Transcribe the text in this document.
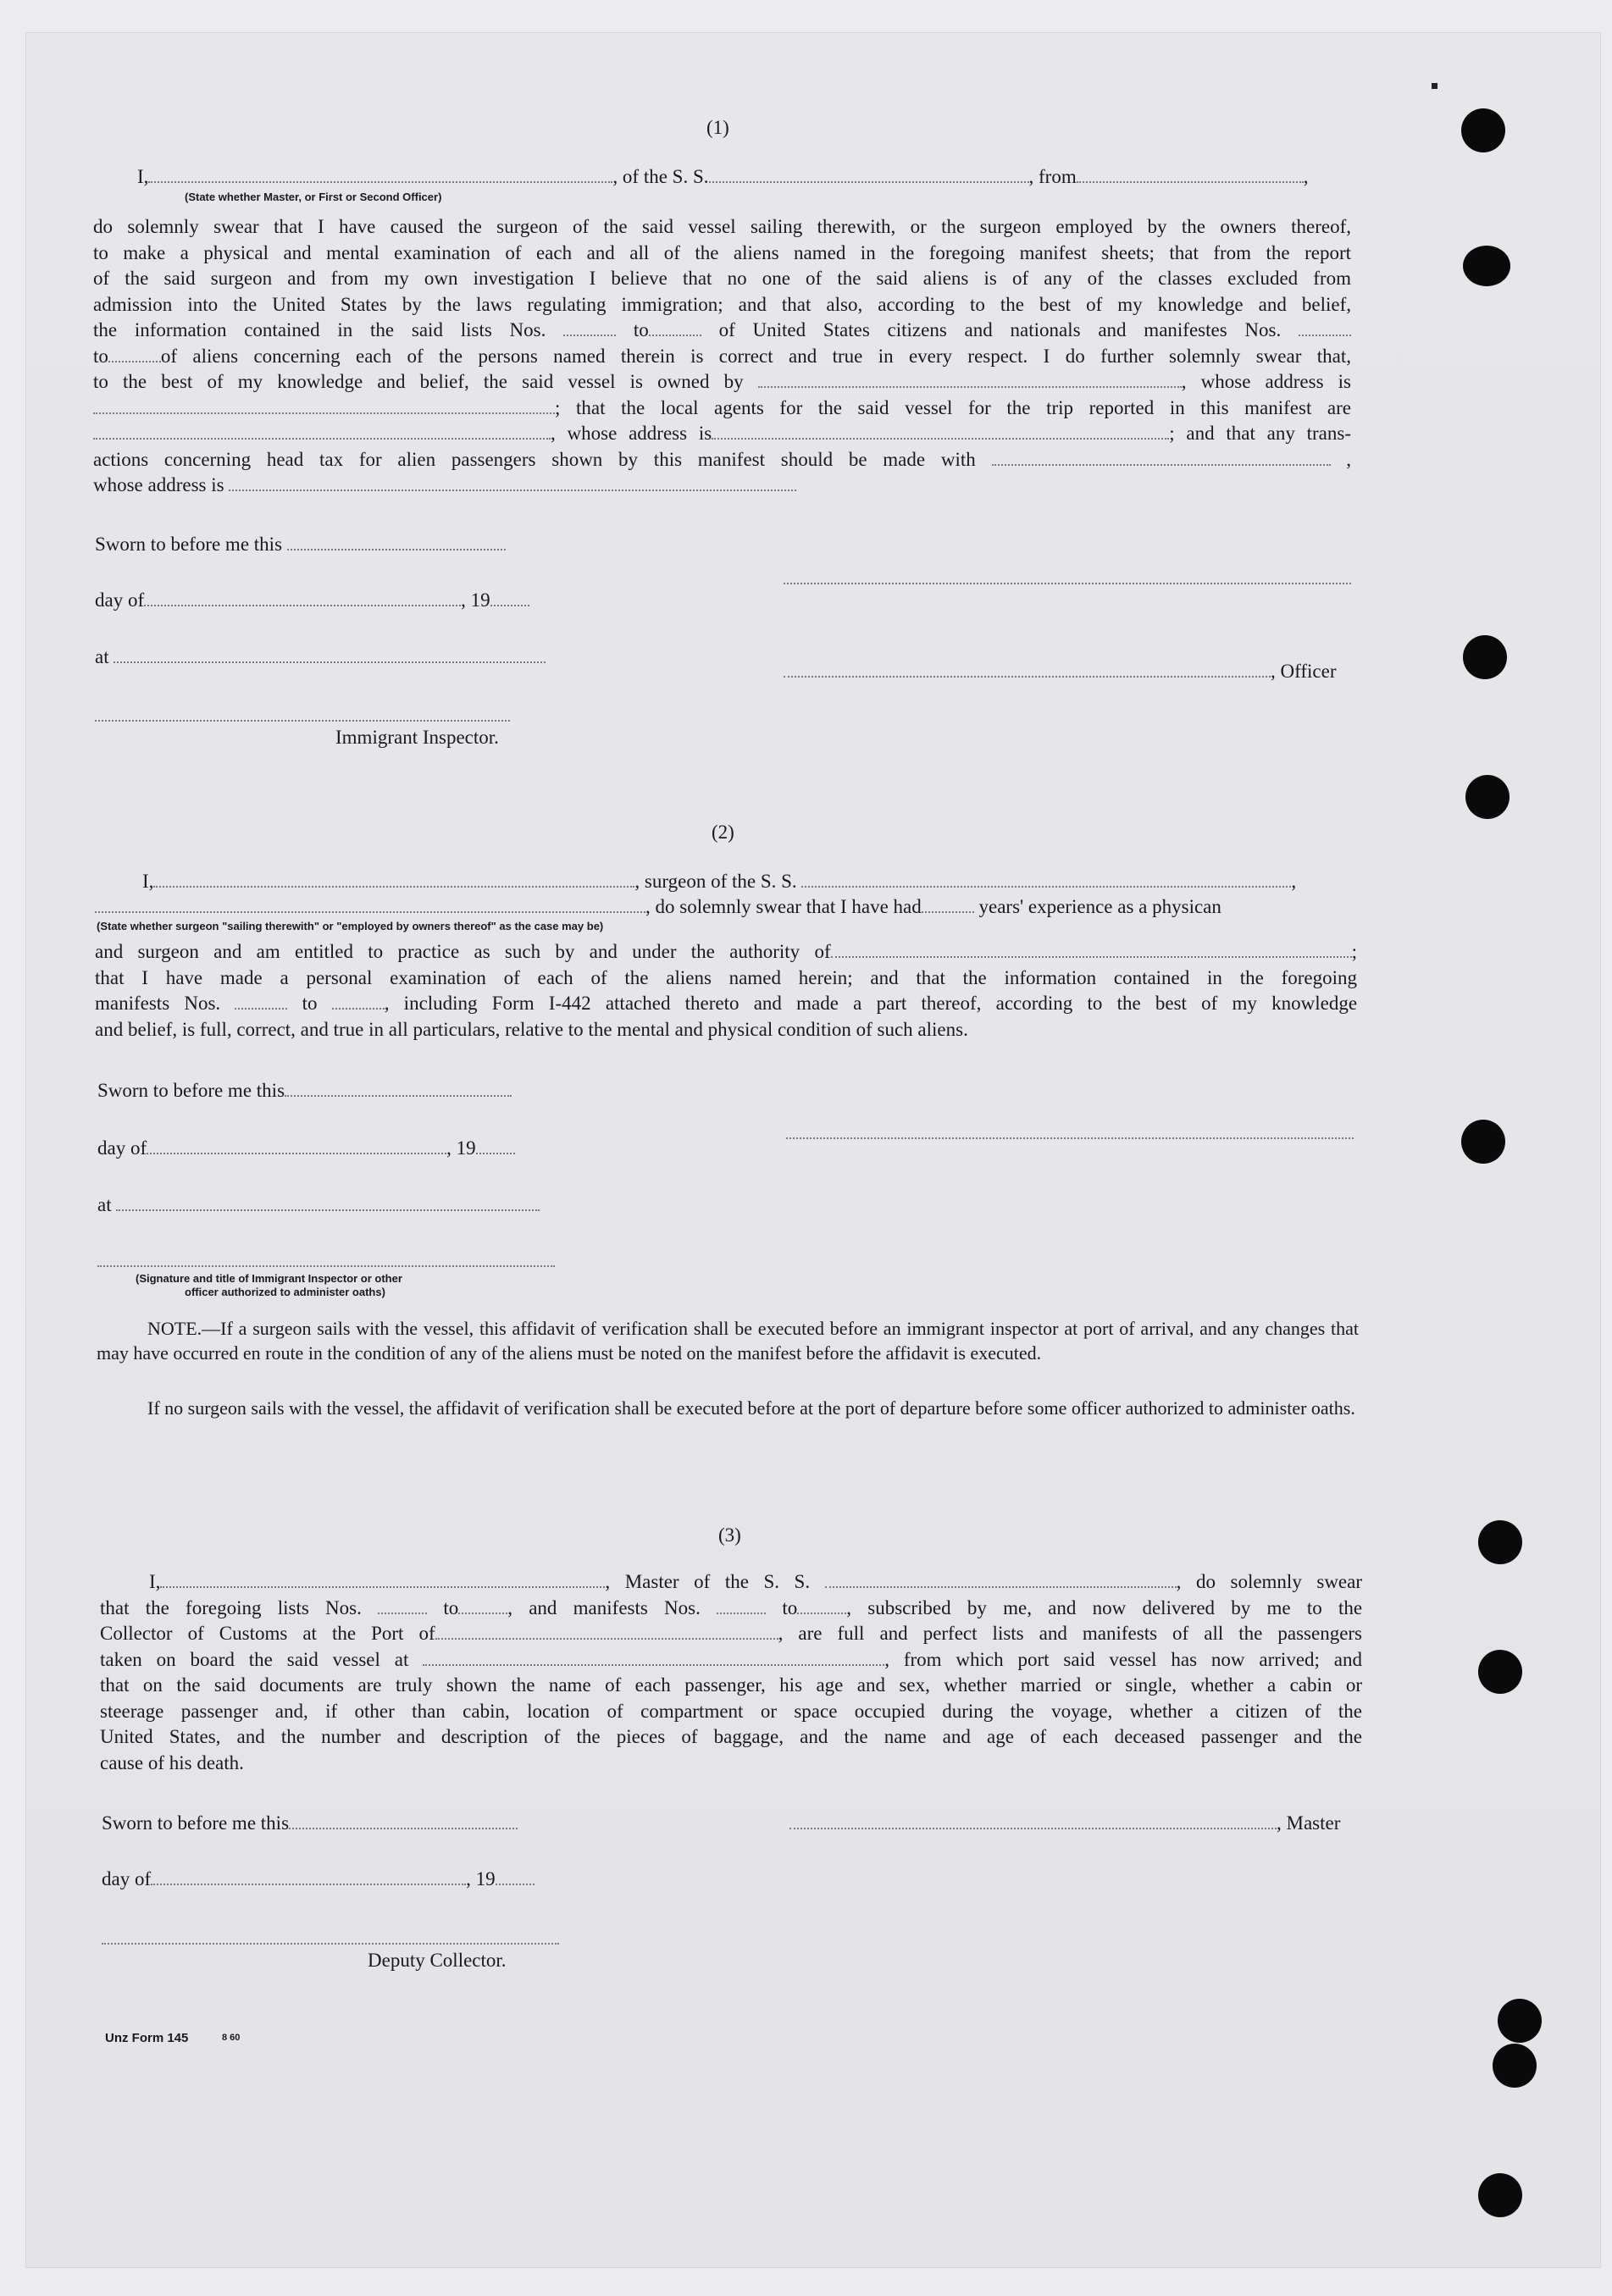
(1)
I,	, of the S. S.	, from	,
(State whether Master, or First or Second Officer)
do solemnly swear that I have caused the surgeon of the said vessel sailing therewith, or the surgeon employed by the owners thereof,
to make a physical and mental examination of each and all of the aliens named in the foregoing manifest sheets; that from the report
of the said surgeon and from my own investigation I believe that no one of the said aliens is of any of the classes excluded from
admission into the United States by the laws regulating immigration; and that also, according to the best of my knowledge and belief,
the information contained in the said lists Nos.	to	of United States citizens and nationals and manifestes Nos.
to	of aliens concerning each of the persons named therein is correct and true in every respect. I do further solemnly swear that,
to the best of my knowledge and belief, the said vessel is owned by	, whose address is
; that the local agents for the said vessel for the trip reported in this manifest are
, whose address is	; and that any trans-
actions concerning head tax for alien passengers shown by this manifest should be made with	,
whose address is
Sworn to before me this
day of	, 19
at
, Officer
Immigrant Inspector.
(2)
I,	, surgeon of the S. S.	,
, do solemnly swear that I have had	years' experience as a physican
(State whether surgeon "sailing therewith" or "employed by owners thereof" as the case may be)
and surgeon and am entitled to practice as such by and under the authority of	;
that I have made a personal examination of each of the aliens named herein; and that the information contained in the foregoing
manifests Nos.	to	, including Form I-442 attached thereto and made a part thereof, according to the best of my knowledge
and belief, is full, correct, and true in all particulars, relative to the mental and physical condition of such aliens.
Sworn to before me this
day of	, 19
at
(Signature and title of Immigrant Inspector or other
officer authorized to administer oaths)
NOTE.—If a surgeon sails with the vessel, this affidavit of verification shall be executed before an immigrant inspector at port of arrival, and any changes that may have occurred en route in the condition of any of the aliens must be noted on the manifest before the affidavit is executed.
If no surgeon sails with the vessel, the affidavit of verification shall be executed before at the port of departure before some officer authorized to administer oaths.
(3)
I,	, Master of the S. S.	, do solemnly swear
that the foregoing lists Nos.	to	, and manifests Nos.	to	, subscribed by me, and now delivered by me to the
Collector of Customs at the Port of	, are full and perfect lists and manifests of all the passengers
taken on board the said vessel at	, from which port said vessel has now arrived; and
that on the said documents are truly shown the name of each passenger, his age and sex, whether married or single, whether a cabin or
steerage passenger and, if other than cabin, location of compartment or space occupied during the voyage, whether a citizen of the
United States, and the number and description of the pieces of baggage, and the name and age of each deceased passenger and the
cause of his death.
Sworn to before me this	, Master
day of	, 19
Deputy Collector.
Unz Form 145	8 60
